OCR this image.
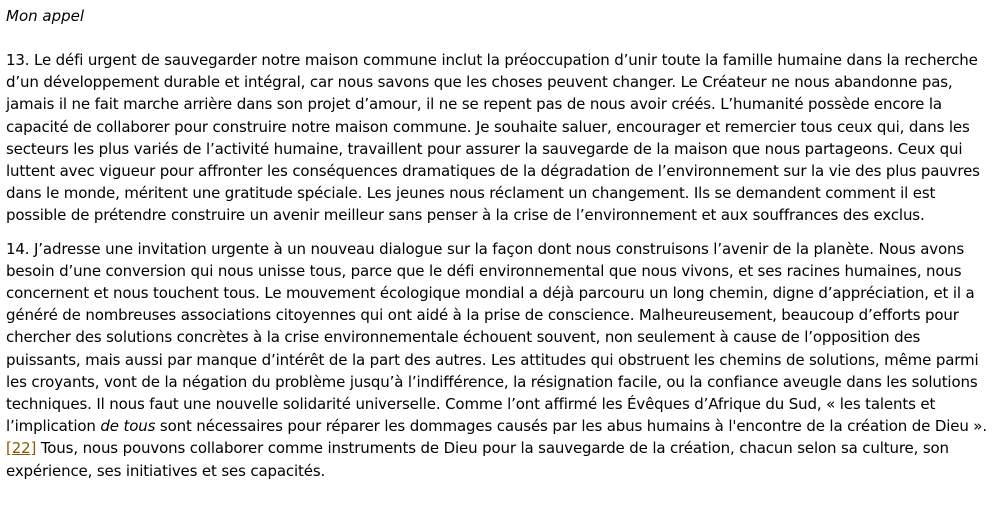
Mon appel

13. Le défi urgent de sauvegarder notre maison commune inclut la préoccupation d’unir toute la famille humaine dans la recherche d’un développement durable et intégral, car nous savons que les choses peuvent changer. Le Créateur ne nous abandonne pas, jamais il ne fait marche arrière dans son projet d’amour, il ne se repent pas de nous avoir créés. L’humanité possède encore la capacité de collaborer pour construire notre maison commune. Je souhaite saluer, encourager et remercier tous ceux qui, dans les secteurs les plus variés de l’activité humaine, travaillent pour assurer la sauvegarde de la maison que nous partageons. Ceux qui luttent avec vigueur pour affronter les conséquences dramatiques de la dégradation de l’environnement sur la vie des plus pauvres dans le monde, méritent une gratitude spéciale. Les jeunes nous réclament un changement. Ils se demandent comment il est possible de prétendre construire un avenir meilleur sans penser à la crise de l’environnement et aux souffrances des exclus.

14. J’adresse une invitation urgente à un nouveau dialogue sur la façon dont nous construisons l’avenir de la planète. Nous avons besoin d’une conversion qui nous unisse tous, parce que le défi environnemental que nous vivons, et ses racines humaines, nous concernent et nous touchent tous. Le mouvement écologique mondial a déjà parcouru un long chemin, digne d’appréciation, et il a généré de nombreuses associations citoyennes qui ont aidé à la prise de conscience. Malheureusement, beaucoup d’efforts pour chercher des solutions concrètes à la crise environnementale échouent souvent, non seulement à cause de l’opposition des puissants, mais aussi par manque d’intérêt de la part des autres. Les attitudes qui obstruent les chemins de solutions, même parmi les croyants, vont de la négation du problème jusqu’à l’indifférence, la résignation facile, ou la confiance aveugle dans les solutions techniques. Il nous faut une nouvelle solidarité universelle. Comme l’ont affirmé les Évêques d’Afrique du Sud, « les talents et l’implication de tous sont nécessaires pour réparer les dommages causés par les abus humains à l'encontre de la création de Dieu ». [22] Tous, nous pouvons collaborer comme instruments de Dieu pour la sauvegarde de la création, chacun selon sa culture, son expérience, ses initiatives et ses capacités.
